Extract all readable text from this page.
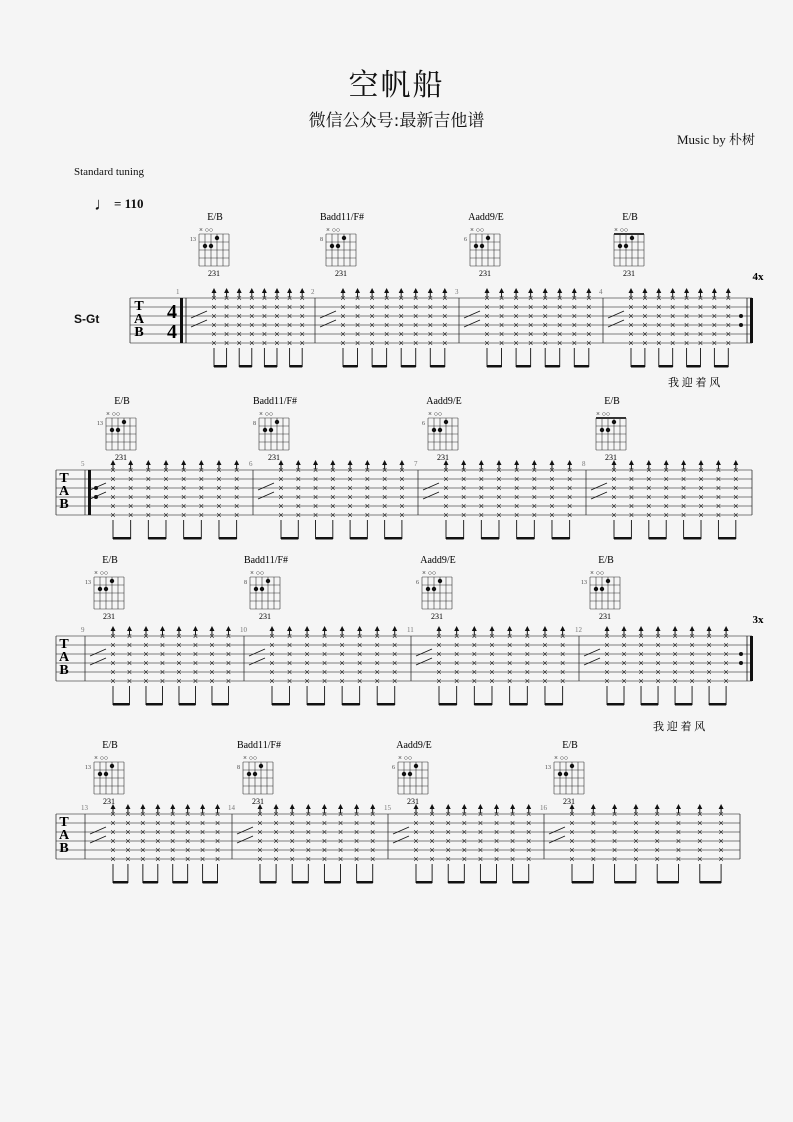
空帆船
微信公众号:最新吉他谱
Music by 朴树
Standard tuning
♩ = 110
S-Gt
T
A
B
4
4
1
×
×
×
×
×
×
×
×
×
×
×
×
×
×
×
×
×
×
×
×
×
×
×
×
×
×
×
×
×
×
×
×
×
×
×
×
×
×
×
×
×
×
×
×
×
×
×
×
E/B
× ○○
13
231
2
×
×
×
×
×
×
×
×
×
×
×
×
×
×
×
×
×
×
×
×
×
×
×
×
×
×
×
×
×
×
×
×
×
×
×
×
×
×
×
×
×
×
×
×
×
×
×
×
Badd11/F#
× ○○
8
231
3
×
×
×
×
×
×
×
×
×
×
×
×
×
×
×
×
×
×
×
×
×
×
×
×
×
×
×
×
×
×
×
×
×
×
×
×
×
×
×
×
×
×
×
×
×
×
×
×
Aadd9/E
× ○○
6
231
4
×
×
×
×
×
×
×
×
×
×
×
×
×
×
×
×
×
×
×
×
×
×
×
×
×
×
×
×
×
×
×
×
×
×
×
×
×
×
×
×
×
×
×
×
×
×
×
×
E/B
× ○○
231	4x
我 迎 着 风
T
A
B
5
×
×
×
×
×
×
×
×
×
×
×
×
×
×
×
×
×
×
×
×
×
×
×
×
×
×
×
×
×
×
×
×
×
×
×
×
×
×
×
×
×
×
×
×
×
×
×
×
E/B
× ○○
13
231
6
×
×
×
×
×
×
×
×
×
×
×
×
×
×
×
×
×
×
×
×
×
×
×
×
×
×
×
×
×
×
×
×
×
×
×
×
×
×
×
×
×
×
×
×
×
×
×
×
Badd11/F#
× ○○
8
231
7
×
×
×
×
×
×
×
×
×
×
×
×
×
×
×
×
×
×
×
×
×
×
×
×
×
×
×
×
×
×
×
×
×
×
×
×
×
×
×
×
×
×
×
×
×
×
×
×
Aadd9/E
× ○○
6
231
8
×
×
×
×
×
×
×
×
×
×
×
×
×
×
×
×
×
×
×
×
×
×
×
×
×
×
×
×
×
×
×
×
×
×
×
×
×
×
×
×
×
×
×
×
×
×
×
×
E/B
× ○○
231
T
A
B
9
×
×
×
×
×
×
×
×
×
×
×
×
×
×
×
×
×
×
×
×
×
×
×
×
×
×
×
×
×
×
×
×
×
×
×
×
×
×
×
×
×
×
×
×
×
×
×
×
E/B
× ○○
13
231
10
×
×
×
×
×
×
×
×
×
×
×
×
×
×
×
×
×
×
×
×
×
×
×
×
×
×
×
×
×
×
×
×
×
×
×
×
×
×
×
×
×
×
×
×
×
×
×
×
Badd11/F#
× ○○
8
231
11
×
×
×
×
×
×
×
×
×
×
×
×
×
×
×
×
×
×
×
×
×
×
×
×
×
×
×
×
×
×
×
×
×
×
×
×
×
×
×
×
×
×
×
×
×
×
×
×
Aadd9/E
× ○○
6
231
12
×
×
×
×
×
×
×
×
×
×
×
×
×
×
×
×
×
×
×
×
×
×
×
×
×
×
×
×
×
×
×
×
×
×
×
×
×
×
×
×
×
×
×
×
×
×
×
×
E/B
× ○○
13
231	3x
我 迎 着 风
T
A
B
13
×
×
×
×
×
×
×
×
×
×
×
×
×
×
×
×
×
×
×
×
×
×
×
×
×
×
×
×
×
×
×
×
×
×
×
×
×
×
×
×
×
×
×
×
×
×
×
×
E/B
× ○○
13
231
14
×
×
×
×
×
×
×
×
×
×
×
×
×
×
×
×
×
×
×
×
×
×
×
×
×
×
×
×
×
×
×
×
×
×
×
×
×
×
×
×
×
×
×
×
×
×
×
×
Badd11/F#
× ○○
8
231
15
×
×
×
×
×
×
×
×
×
×
×
×
×
×
×
×
×
×
×
×
×
×
×
×
×
×
×
×
×
×
×
×
×
×
×
×
×
×
×
×
×
×
×
×
×
×
×
×
Aadd9/E
× ○○
6
231
16
×
×
×
×
×
×
×
×
×
×
×
×
×
×
×
×
×
×
×
×
×
×
×
×
×
×
×
×
×
×
×
×
×
×
×
×
×
×
×
×
×
×
×
×
×
×
×
×
E/B
× ○○
13
231
